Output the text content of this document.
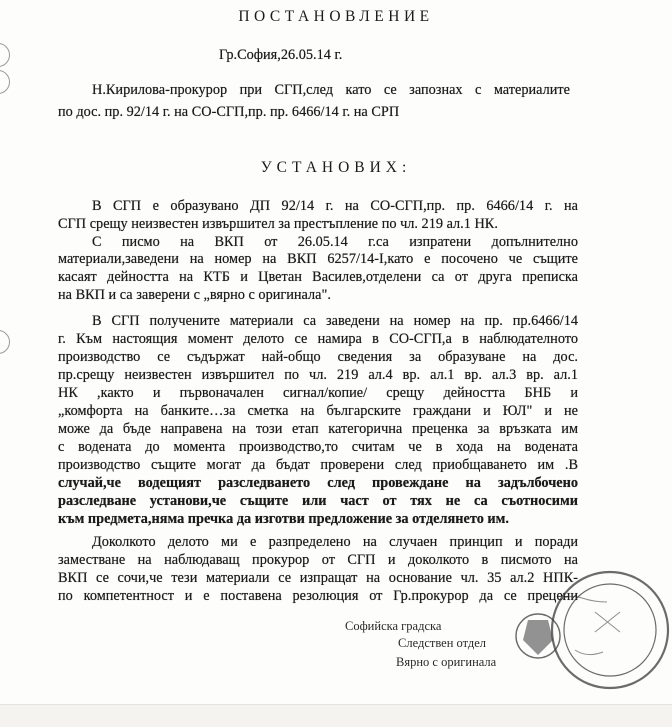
ПОСТАНОВЛЕНИЕ
Гр.София,26.05.14 г.
Н.Кирилова-прокурор при СГП,след като се запознах с материалите
по дос. пр. 92/14 г. на СО-СГП,пр. пр. 6466/14 г. на СРП
УСТАНОВИХ:
В СГП е образувано ДП 92/14 г. на СО-СГП,пр. пр. 6466/14 г. на
СГП срещу неизвестен извършител за престъпление по чл. 219 ал.1 НК.
С писмо на ВКП от 26.05.14 г.са изпратени допълнително
материали,заведени на номер на ВКП 6257/14-I,като е посочено че същите
касаят дейността на КТБ и Цветан Василев,отделени са от друга преписка
на ВКП и са заверени с „вярно с оригинала".
В СГП получените материали са заведени на номер на пр. пр.6466/14
г. Към настоящия момент делото се намира в СО-СГП,а в наблюдателното
производство се съдържат най-общо сведения за образуване на дос.
пр.срещу неизвестен извършител по чл. 219 ал.4 вр. ал.1 вр. ал.3 вр. ал.1
НК ,както и първоначален сигнал/копие/ срещу дейността БНБ и
„комфорта на банките…за сметка на българските граждани и ЮЛ" и не
може да бъде направена на този етап категорична преценка за връзката им
с водената до момента производство,то считам че в хода на водената
производство същите могат да бъдат проверени след приобщаването им .В
случай,че водещият разследването след провеждане на задълбочено
разследване установи,че същите или част от тях не са съотносими
към предмета,няма пречка да изготви предложение за отделянето им.
Доколкото делото ми е разпределено на случаен принцип и поради
заместване на наблюдаващ прокурор от СГП и доколкото в писмото на
ВКП се сочи,че тези материали се изпращат на основание чл. 35 ал.2 НПК-
по компетентност и е поставена резолюция от Гр.прокурор да се прецени
Софийска градска
Следствен отдел
Вярно с оригинала
